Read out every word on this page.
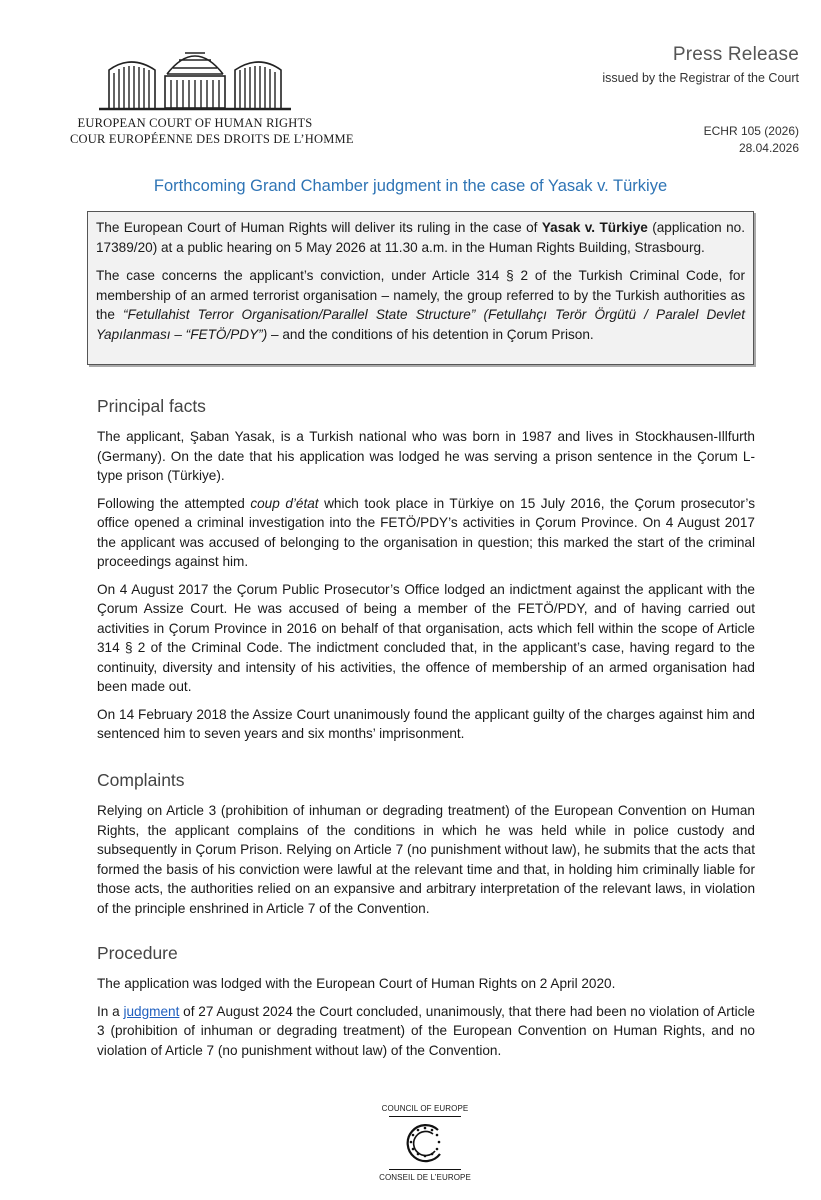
EUROPEAN COURT OF HUMAN RIGHTS
COUR EUROPÉENNE DES DROITS DE L’HOMME
Press Release
issued by the Registrar of the Court
ECHR 105 (2026)
28.04.2026
Forthcoming Grand Chamber judgment in the case of Yasak v. Türkiye

The European Court of Human Rights will deliver its ruling in the case of Yasak v. Türkiye (application no. 17389/20) at a public hearing on 5 May 2026 at 11.30 a.m. in the Human Rights Building, Strasbourg.

The case concerns the applicant’s conviction, under Article 314 § 2 of the Turkish Criminal Code, for membership of an armed terrorist organisation – namely, the group referred to by the Turkish authorities as the “Fetullahist Terror Organisation/Parallel State Structure” (Fetullahçı Terör Örgütü / Paralel Devlet Yapılanması – “FETÖ/PDY”) – and the conditions of his detention in Çorum Prison.

Principal facts

The applicant, Şaban Yasak, is a Turkish national who was born in 1987 and lives in Stockhausen-Illfurth (Germany). On the date that his application was lodged he was serving a prison sentence in the Çorum L-type prison (Türkiye).

Following the attempted coup d’état which took place in Türkiye on 15 July 2016, the Çorum prosecutor’s office opened a criminal investigation into the FETÖ/PDY’s activities in Çorum Province. On 4 August 2017 the applicant was accused of belonging to the organisation in question; this marked the start of the criminal proceedings against him.

On 4 August 2017 the Çorum Public Prosecutor’s Office lodged an indictment against the applicant with the Çorum Assize Court. He was accused of being a member of the FETÖ/PDY, and of having carried out activities in Çorum Province in 2016 on behalf of that organisation, acts which fell within the scope of Article 314 § 2 of the Criminal Code. The indictment concluded that, in the applicant’s case, having regard to the continuity, diversity and intensity of his activities, the offence of membership of an armed organisation had been made out.

On 14 February 2018 the Assize Court unanimously found the applicant guilty of the charges against him and sentenced him to seven years and six months’ imprisonment.

Complaints

Relying on Article 3 (prohibition of inhuman or degrading treatment) of the European Convention on Human Rights, the applicant complains of the conditions in which he was held while in police custody and subsequently in Çorum Prison. Relying on Article 7 (no punishment without law), he submits that the acts that formed the basis of his conviction were lawful at the relevant time and that, in holding him criminally liable for those acts, the authorities relied on an expansive and arbitrary interpretation of the relevant laws, in violation of the principle enshrined in Article 7 of the Convention.

Procedure

The application was lodged with the European Court of Human Rights on 2 April 2020.

In a judgment of 27 August 2024 the Court concluded, unanimously, that there had been no violation of Article 3 (prohibition of inhuman or degrading treatment) of the European Convention on Human Rights, and no violation of Article 7 (no punishment without law) of the Convention.

COUNCIL OF EUROPE
CONSEIL DE L’EUROPE
